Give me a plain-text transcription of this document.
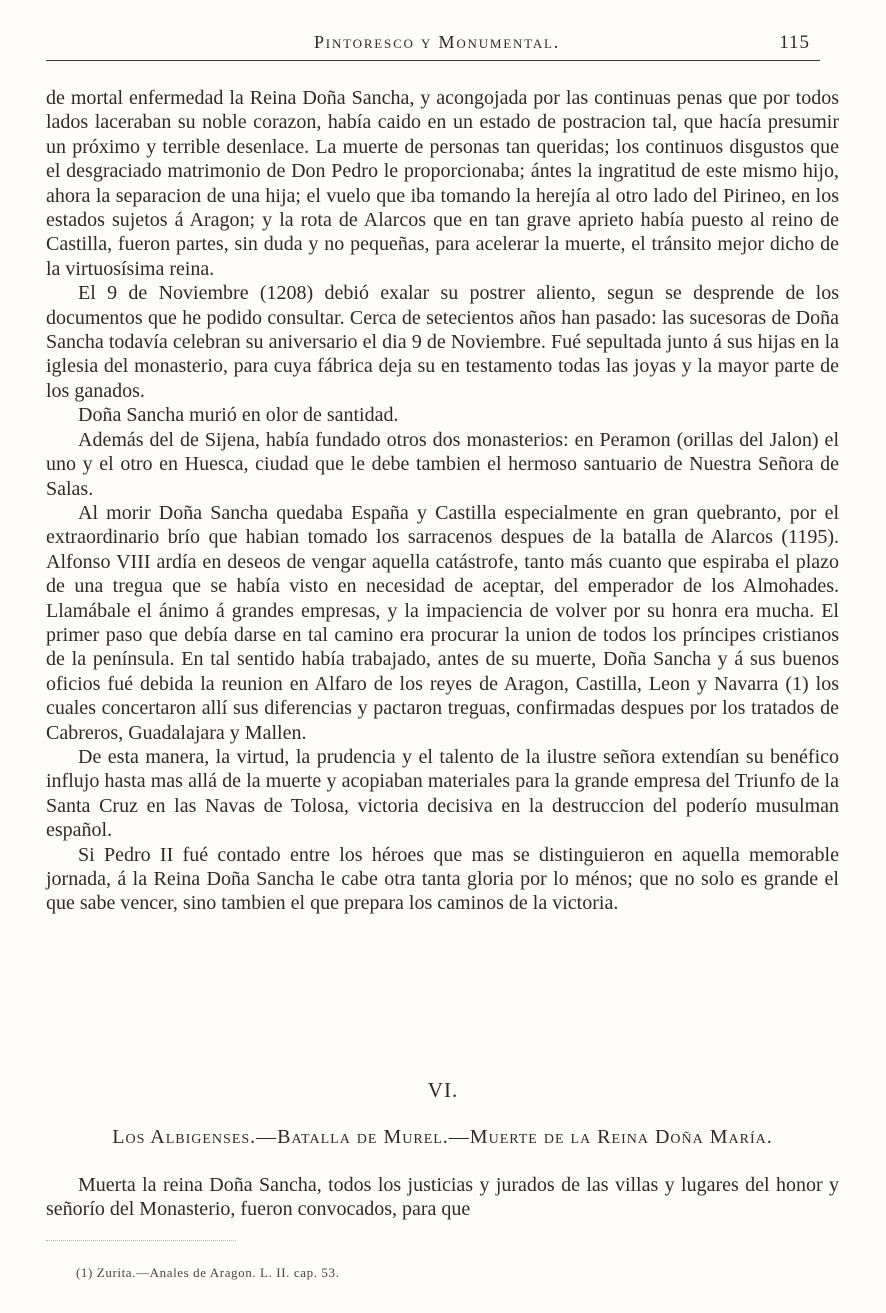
Pintoresco y Monumental.	115

de mortal enfermedad la Reina Doña Sancha, y acongojada por las continuas penas que por todos lados laceraban su noble corazon, había caido en un estado de postracion tal, que hacía presumir un próximo y terrible desenlace. La muerte de personas tan queridas; los continuos disgustos que el desgraciado matrimonio de Don Pedro le proporcionaba; ántes la ingratitud de este mismo hijo, ahora la separacion de una hija; el vuelo que iba tomando la herejía al otro lado del Pirineo, en los estados sujetos á Aragon; y la rota de Alarcos que en tan grave aprieto había puesto al reino de Castilla, fueron partes, sin duda y no pequeñas, para acelerar la muerte, el tránsito mejor dicho de la virtuosísima reina.

El 9 de Noviembre (1208) debió exalar su postrer aliento, segun se desprende de los documentos que he podido consultar. Cerca de setecientos años han pasado: las sucesoras de Doña Sancha todavía celebran su aniversario el dia 9 de Noviembre. Fué sepultada junto á sus hijas en la iglesia del monasterio, para cuya fábrica deja su en testamento todas las joyas y la mayor parte de los ganados.

Doña Sancha murió en olor de santidad.

Además del de Sijena, había fundado otros dos monasterios: en Peramon (orillas del Jalon) el uno y el otro en Huesca, ciudad que le debe tambien el hermoso santuario de Nuestra Señora de Salas.

Al morir Doña Sancha quedaba España y Castilla especialmente en gran quebranto, por el extraordinario brío que habian tomado los sarracenos despues de la batalla de Alarcos (1195). Alfonso VIII ardía en deseos de vengar aquella catástrofe, tanto más cuanto que espiraba el plazo de una tregua que se había visto en necesidad de aceptar, del emperador de los Almohades. Llamábale el ánimo á grandes empresas, y la impaciencia de volver por su honra era mucha. El primer paso que debía darse en tal camino era procurar la union de todos los príncipes cristianos de la península. En tal sentido había trabajado, antes de su muerte, Doña Sancha y á sus buenos oficios fué debida la reunion en Alfaro de los reyes de Aragon, Castilla, Leon y Navarra (1) los cuales concertaron allí sus diferencias y pactaron treguas, confirmadas despues por los tratados de Cabreros, Guadalajara y Mallen.

De esta manera, la virtud, la prudencia y el talento de la ilustre señora extendían su benéfico influjo hasta mas allá de la muerte y acopiaban materiales para la grande empresa del Triunfo de la Santa Cruz en las Navas de Tolosa, victoria decisiva en la destruccion del poderío musulman español.

Si Pedro II fué contado entre los héroes que mas se distinguieron en aquella memorable jornada, á la Reina Doña Sancha le cabe otra tanta gloria por lo ménos; que no solo es grande el que sabe vencer, sino tambien el que prepara los caminos de la victoria.

VI.
Los Albigenses.—Batalla de Murel.—Muerte de la Reina Doña María.

Muerta la reina Doña Sancha, todos los justicias y jurados de las villas y lugares del honor y señorío del Monasterio, fueron convocados, para que

(1) Zurita.—Anales de Aragon. L. II. cap. 53.
